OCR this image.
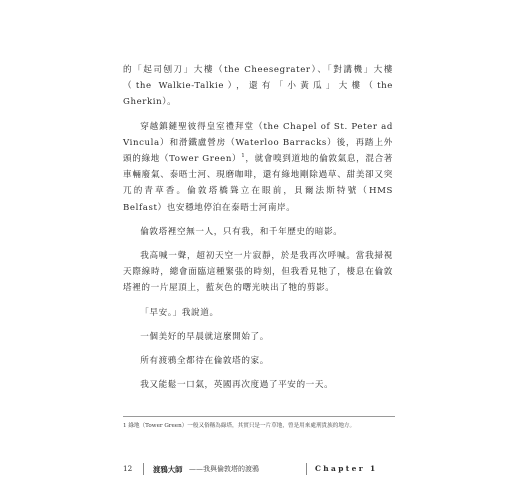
的「起司刨刀」大樓（the Cheesegrater）、「對講機」大樓（the Walkie-Talkie），還有「小黃瓜」大樓（the Gherkin）。

穿越鎮鏈聖彼得皇室禮拜堂（the Chapel of St. Peter ad Vincula）和滑鐵盧營房（Waterloo Barracks）後，再踏上外頭的綠地（Tower Green）$^1$，就會嗅到道地的倫敦氣息，混合著車輛廢氣、泰晤士河、現磨咖啡，還有綠地剛除過草、甜美卻又突兀的青草香。倫敦塔橋聳立在眼前，貝爾法斯特號（HMS Belfast）也安穩地停泊在泰晤士河南岸。

倫敦塔裡空無一人，只有我，和千年歷史的暗影。

我高喊一聲，超初天空一片寂靜，於是我再次呼喊。當我掃視天際線時，總會面臨這種緊張的時刻，但我看見牠了，棲息在倫敦塔裡的一片屋頂上，藍灰色的曙光映出了牠的剪影。

「早安。」我說道。

一個美好的早晨就這麼開始了。

所有渡鴉全都待在倫敦塔的家。

我又能鬆一口氣，英國再次度過了平安的一天。

1 綠地（Tower Green）一般又俗稱為綠塔，其實只是一片草地，曾是用來處刑貴族的地方。
12	渡鴉大師 ——我與倫敦塔的渡鴉	Chapter 1
